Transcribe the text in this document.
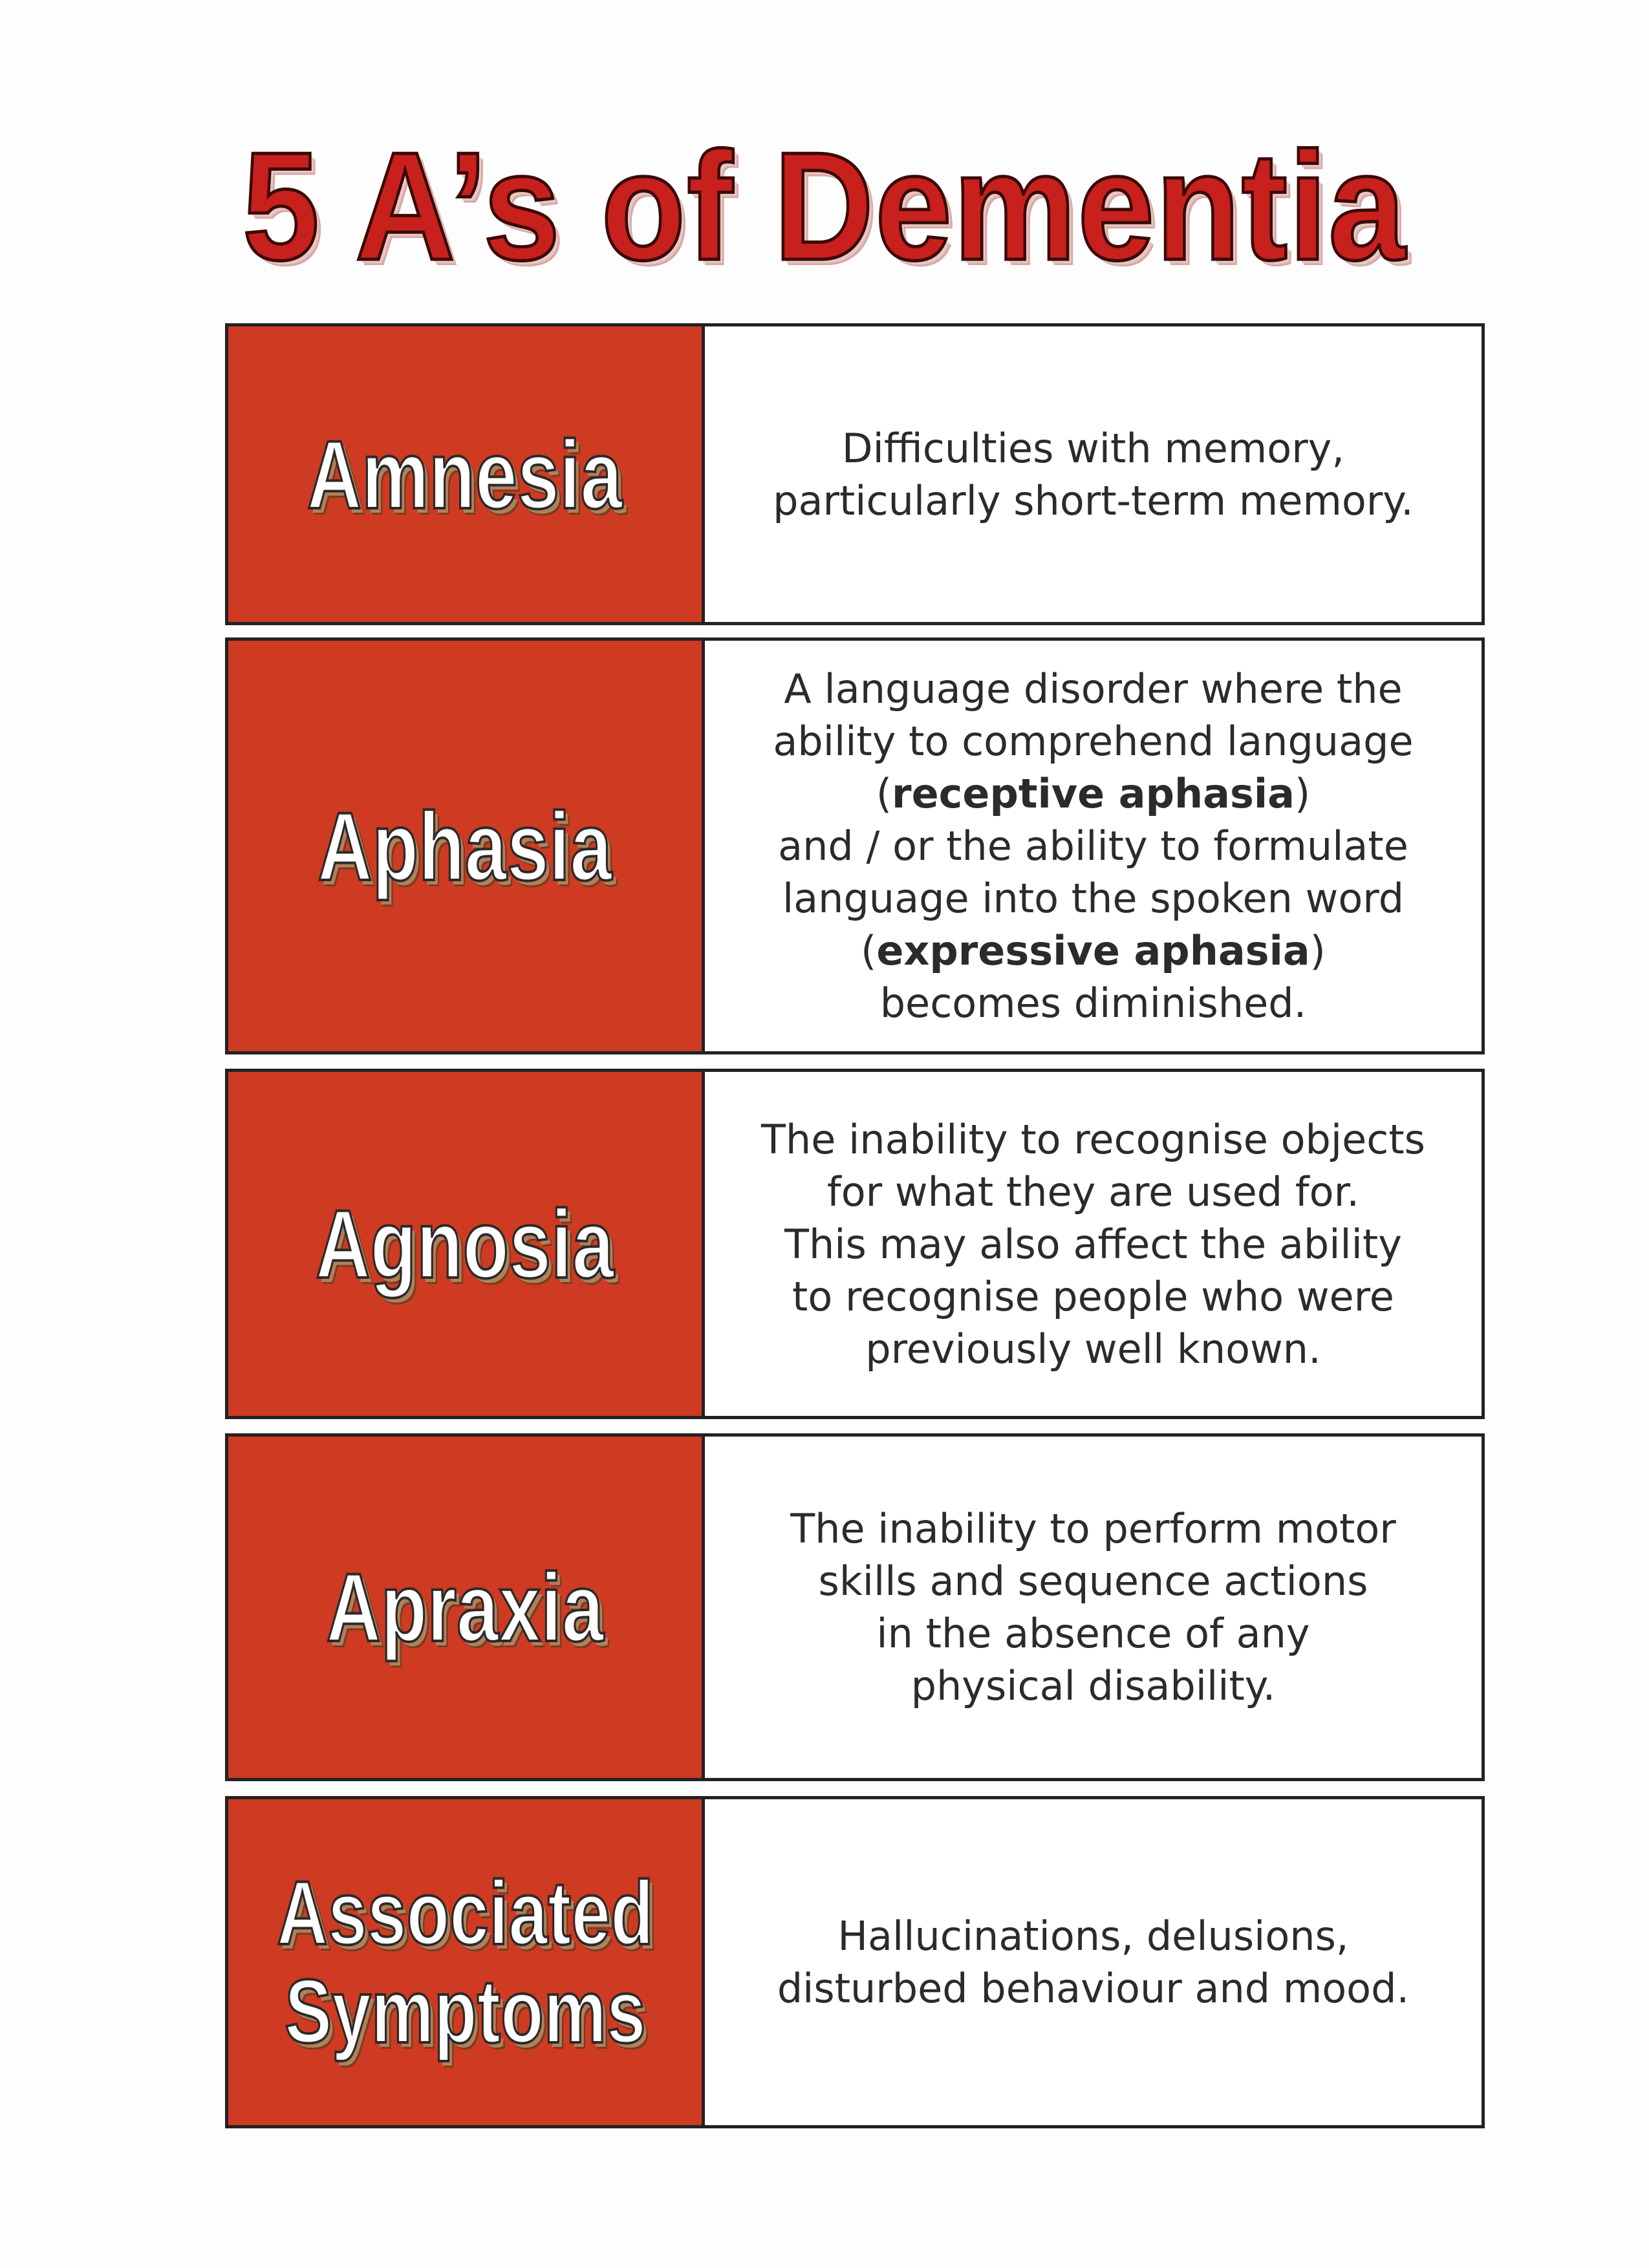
5 A’s of Dementia
Amnesia	Difficulties with memory,
particularly short-term memory.
Aphasia
A language disorder where the
ability to comprehend language
(receptive aphasia)
and / or the ability to formulate
language into the spoken word
(expressive aphasia)
becomes diminished.
Agnosia
The inability to recognise objects
for what they are used for.
This may also affect the ability
to recognise people who were
previously well known.
Apraxia
The inability to perform motor
skills and sequence actions
in the absence of any
physical disability.
Associated
Symptoms
Hallucinations, delusions,
disturbed behaviour and mood.
